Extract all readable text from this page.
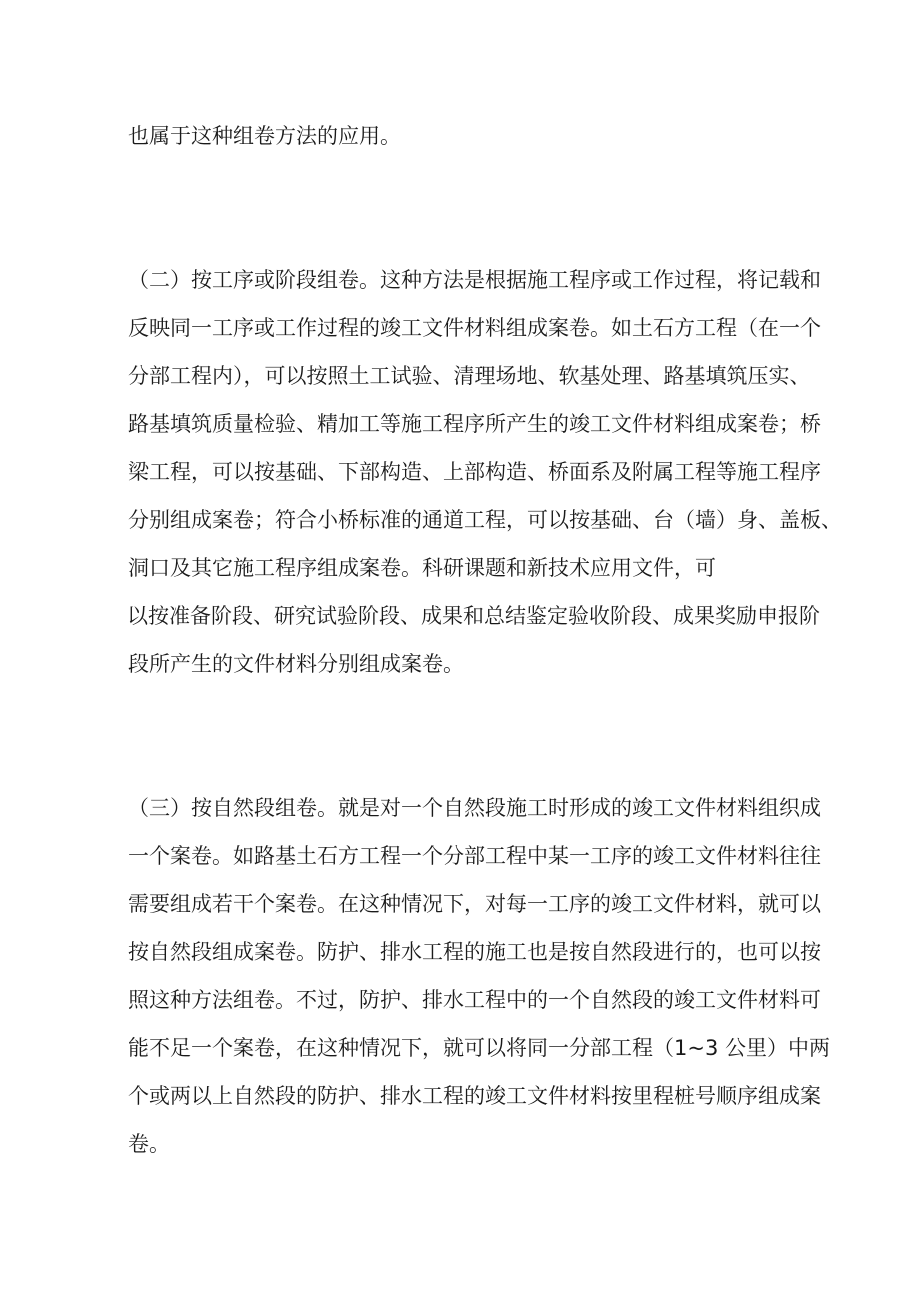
也属于这种组卷方法的应用。
（二）按工序或阶段组卷。这种方法是根据施工程序或工作过程，将记载和
反映同一工序或工作过程的竣工文件材料组成案卷。如土石方工程（在一个
分部工程内），可以按照土工试验、清理场地、软基处理、路基填筑压实、
路基填筑质量检验、精加工等施工程序所产生的竣工文件材料组成案卷；桥
梁工程，可以按基础、下部构造、上部构造、桥面系及附属工程等施工程序
分别组成案卷；符合小桥标准的通道工程，可以按基础、台（墙）身、盖板、
洞口及其它施工程序组成案卷。科研课题和新技术应用文件，可
以按准备阶段、研究试验阶段、成果和总结鉴定验收阶段、成果奖励申报阶
段所产生的文件材料分别组成案卷。
（三）按自然段组卷。就是对一个自然段施工时形成的竣工文件材料组织成
一个案卷。如路基土石方工程一个分部工程中某一工序的竣工文件材料往往
需要组成若干个案卷。在这种情况下，对每一工序的竣工文件材料，就可以
按自然段组成案卷。防护、排水工程的施工也是按自然段进行的，也可以按
照这种方法组卷。不过，防护、排水工程中的一个自然段的竣工文件材料可
能不足一个案卷，在这种情况下，就可以将同一分部工程（1~3 公里）中两
个或两以上自然段的防护、排水工程的竣工文件材料按里程桩号顺序组成案
卷。
